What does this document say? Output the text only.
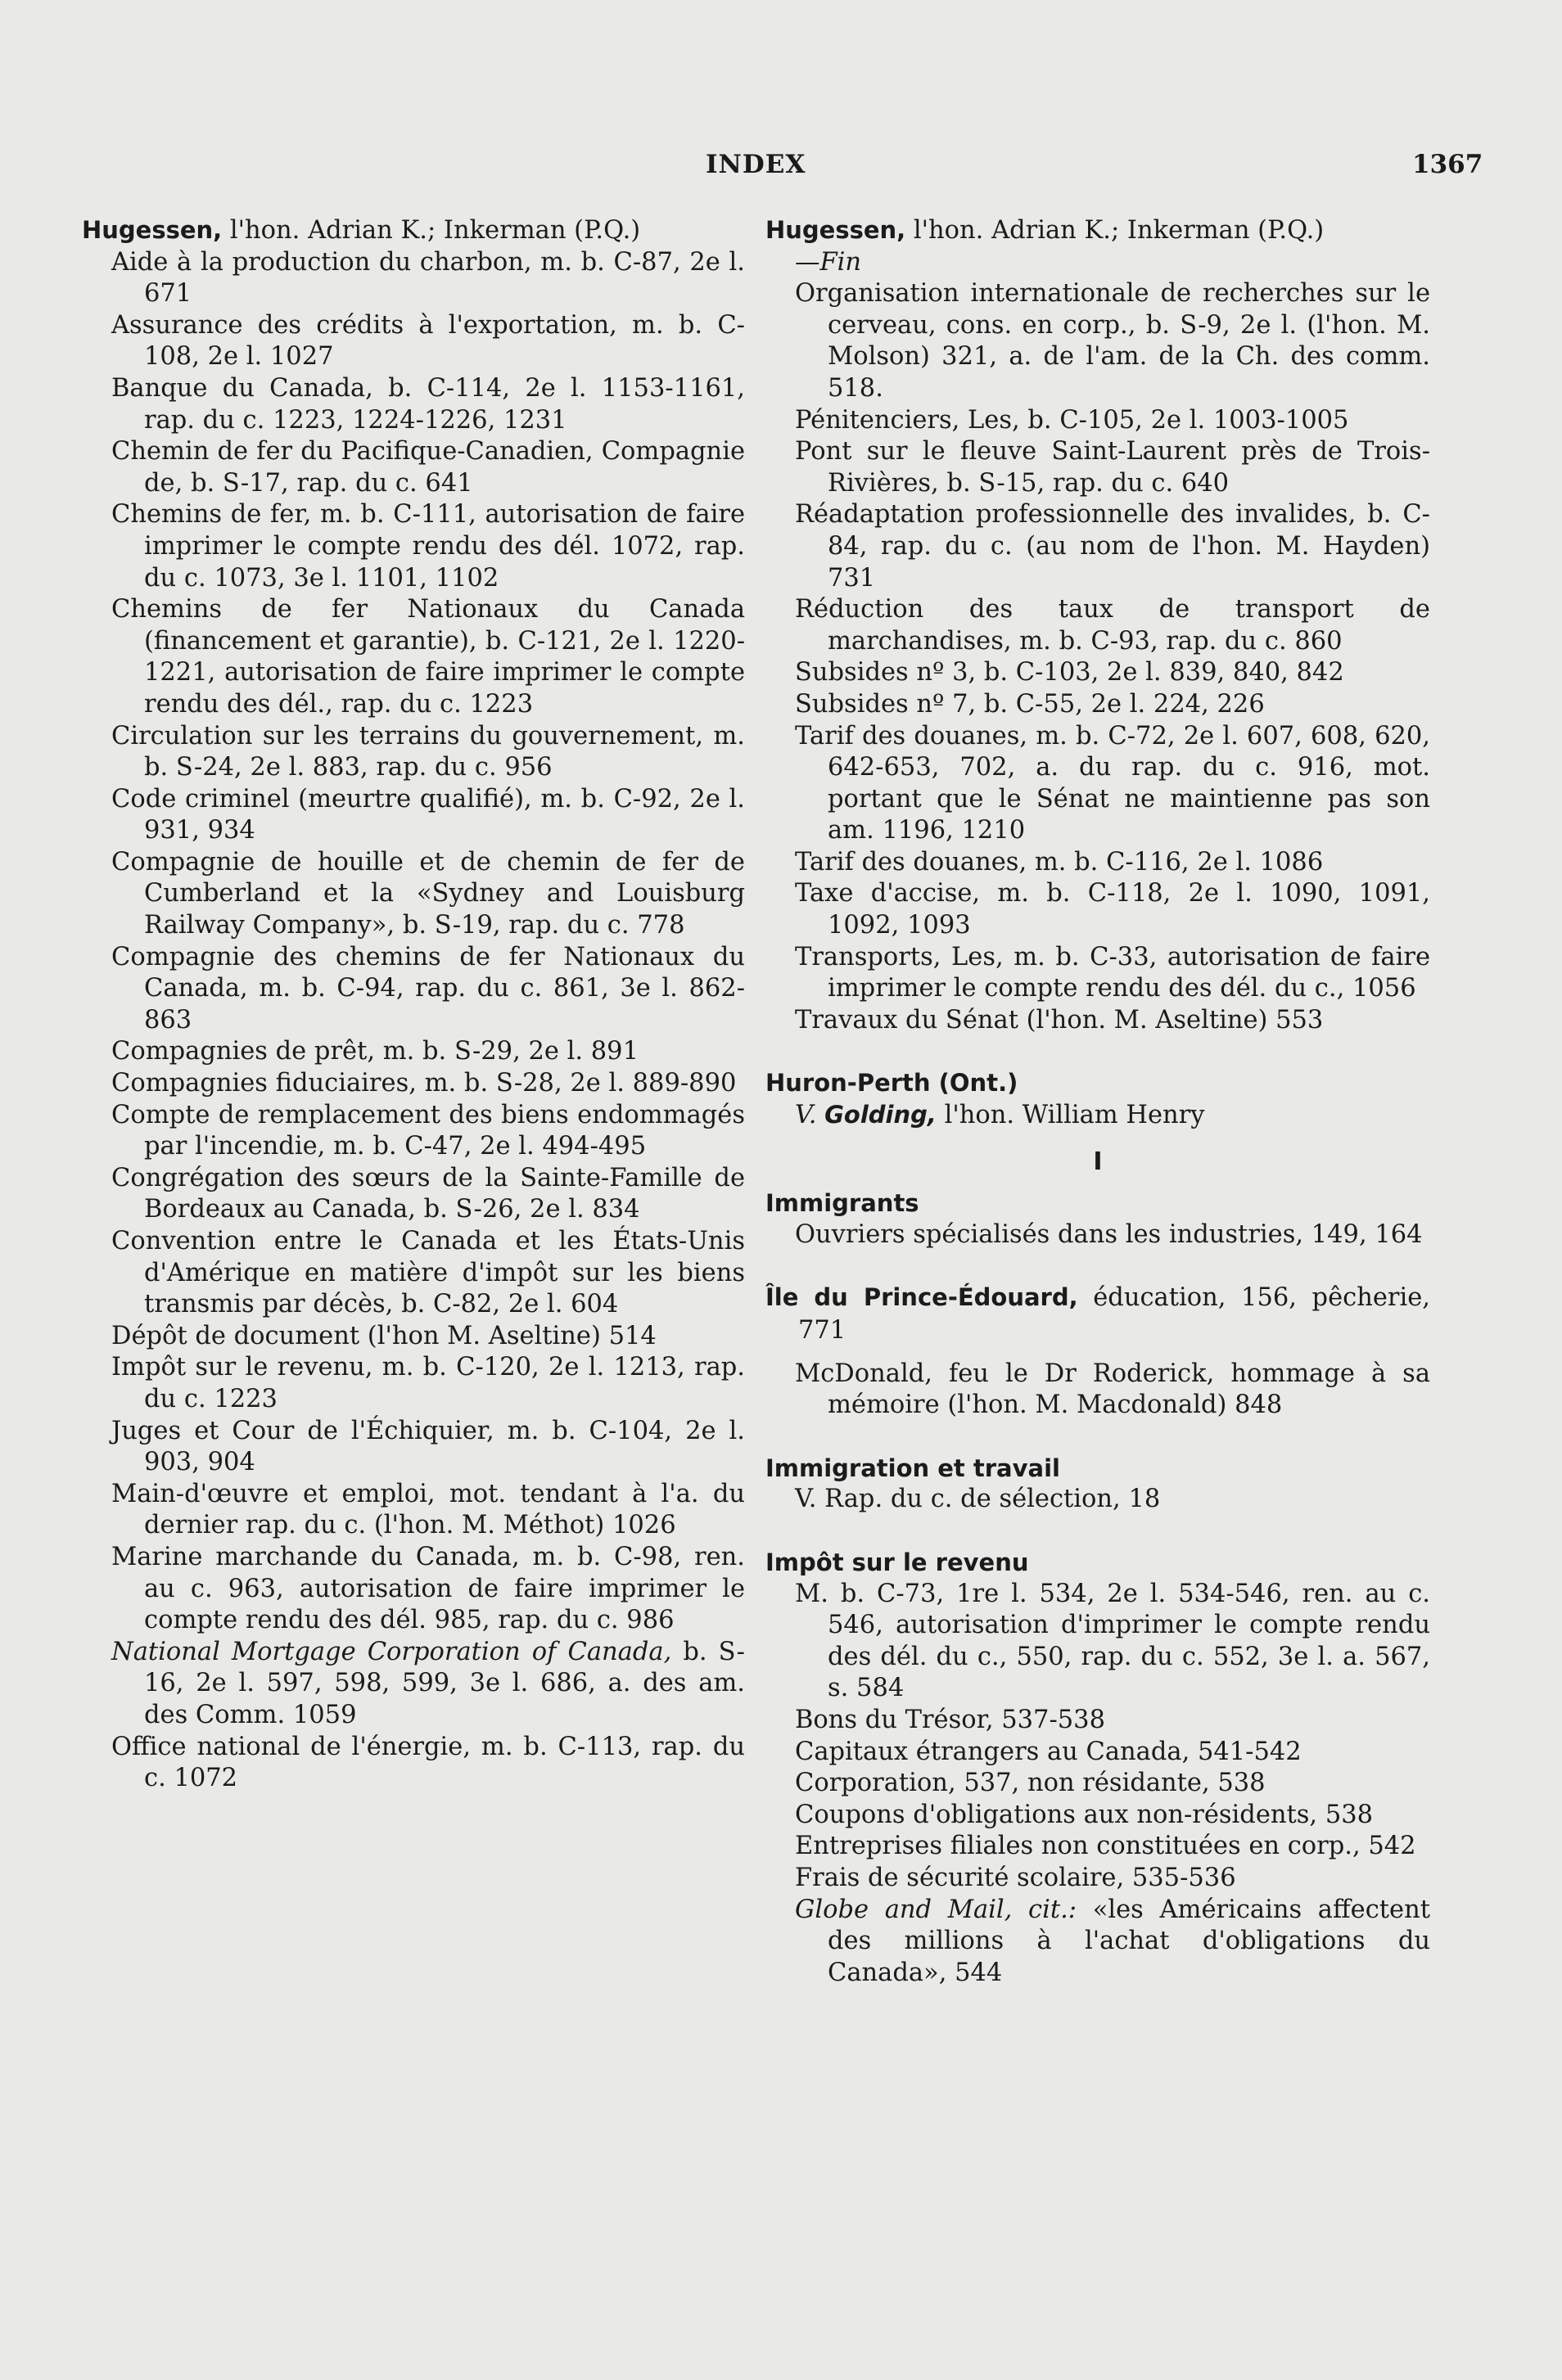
INDEX	1367
Hugessen, l'hon. Adrian K.; Inkerman (P.Q.)
Aide à la production du charbon, m. b. C-87, 2e l. 671
Assurance des crédits à l'exportation, m. b. C-108, 2e l. 1027
Banque du Canada, b. C-114, 2e l. 1153-1161, rap. du c. 1223, 1224-1226, 1231
Chemin de fer du Pacifique-Canadien, Compagnie de, b. S-17, rap. du c. 641
Chemins de fer, m. b. C-111, autorisation de faire imprimer le compte rendu des dél. 1072, rap. du c. 1073, 3e l. 1101, 1102
Chemins de fer Nationaux du Canada (financement et garantie), b. C-121, 2e l. 1220-1221, autorisation de faire imprimer le compte rendu des dél., rap. du c. 1223
Circulation sur les terrains du gouvernement, m. b. S-24, 2e l. 883, rap. du c. 956
Code criminel (meurtre qualifié), m. b. C-92, 2e l. 931, 934
Compagnie de houille et de chemin de fer de Cumberland et la «Sydney and Louisburg Railway Company», b. S-19, rap. du c. 778
Compagnie des chemins de fer Nationaux du Canada, m. b. C-94, rap. du c. 861, 3e l. 862-863
Compagnies de prêt, m. b. S-29, 2e l. 891
Compagnies fiduciaires, m. b. S-28, 2e l. 889-890
Compte de remplacement des biens endommagés par l'incendie, m. b. C-47, 2e l. 494-495
Congrégation des sœurs de la Sainte-Famille de Bordeaux au Canada, b. S-26, 2e l. 834
Convention entre le Canada et les États-Unis d'Amérique en matière d'impôt sur les biens transmis par décès, b. C-82, 2e l. 604
Dépôt de document (l'hon M. Aseltine) 514
Impôt sur le revenu, m. b. C-120, 2e l. 1213, rap. du c. 1223
Juges et Cour de l'Échiquier, m. b. C-104, 2e l. 903, 904
Main-d'œuvre et emploi, mot. tendant à l'a. du dernier rap. du c. (l'hon. M. Méthot) 1026
Marine marchande du Canada, m. b. C-98, ren. au c. 963, autorisation de faire imprimer le compte rendu des dél. 985, rap. du c. 986
National Mortgage Corporation of Canada, b. S-16, 2e l. 597, 598, 599, 3e l. 686, a. des am. des Comm. 1059
Office national de l'énergie, m. b. C-113, rap. du c. 1072
Hugessen, l'hon. Adrian K.; Inkerman (P.Q.)
—Fin
Organisation internationale de recherches sur le cerveau, cons. en corp., b. S-9, 2e l. (l'hon. M. Molson) 321, a. de l'am. de la Ch. des comm. 518.
Pénitenciers, Les, b. C-105, 2e l. 1003-1005
Pont sur le fleuve Saint-Laurent près de Trois-Rivières, b. S-15, rap. du c. 640
Réadaptation professionnelle des invalides, b. C-84, rap. du c. (au nom de l'hon. M. Hayden) 731
Réduction des taux de transport de marchandises, m. b. C-93, rap. du c. 860
Subsides nº 3, b. C-103, 2e l. 839, 840, 842
Subsides nº 7, b. C-55, 2e l. 224, 226
Tarif des douanes, m. b. C-72, 2e l. 607, 608, 620, 642-653, 702, a. du rap. du c. 916, mot. portant que le Sénat ne maintienne pas son am. 1196, 1210
Tarif des douanes, m. b. C-116, 2e l. 1086
Taxe d'accise, m. b. C-118, 2e l. 1090, 1091, 1092, 1093
Transports, Les, m. b. C-33, autorisation de faire imprimer le compte rendu des dél. du c., 1056
Travaux du Sénat (l'hon. M. Aseltine) 553
Huron-Perth (Ont.)
V. Golding, l'hon. William Henry
I
Immigrants
Ouvriers spécialisés dans les industries, 149, 164
Île du Prince-Édouard, éducation, 156, pêcherie, 771
McDonald, feu le Dr Roderick, hommage à sa mémoire (l'hon. M. Macdonald) 848
Immigration et travail
V. Rap. du c. de sélection, 18
Impôt sur le revenu
M. b. C-73, 1re l. 534, 2e l. 534-546, ren. au c. 546, autorisation d'imprimer le compte rendu des dél. du c., 550, rap. du c. 552, 3e l. a. 567, s. 584
Bons du Trésor, 537-538
Capitaux étrangers au Canada, 541-542
Corporation, 537, non résidante, 538
Coupons d'obligations aux non-résidents, 538
Entreprises filiales non constituées en corp., 542
Frais de sécurité scolaire, 535-536
Globe and Mail, cit.: «les Américains affectent des millions à l'achat d'obligations du Canada», 544
